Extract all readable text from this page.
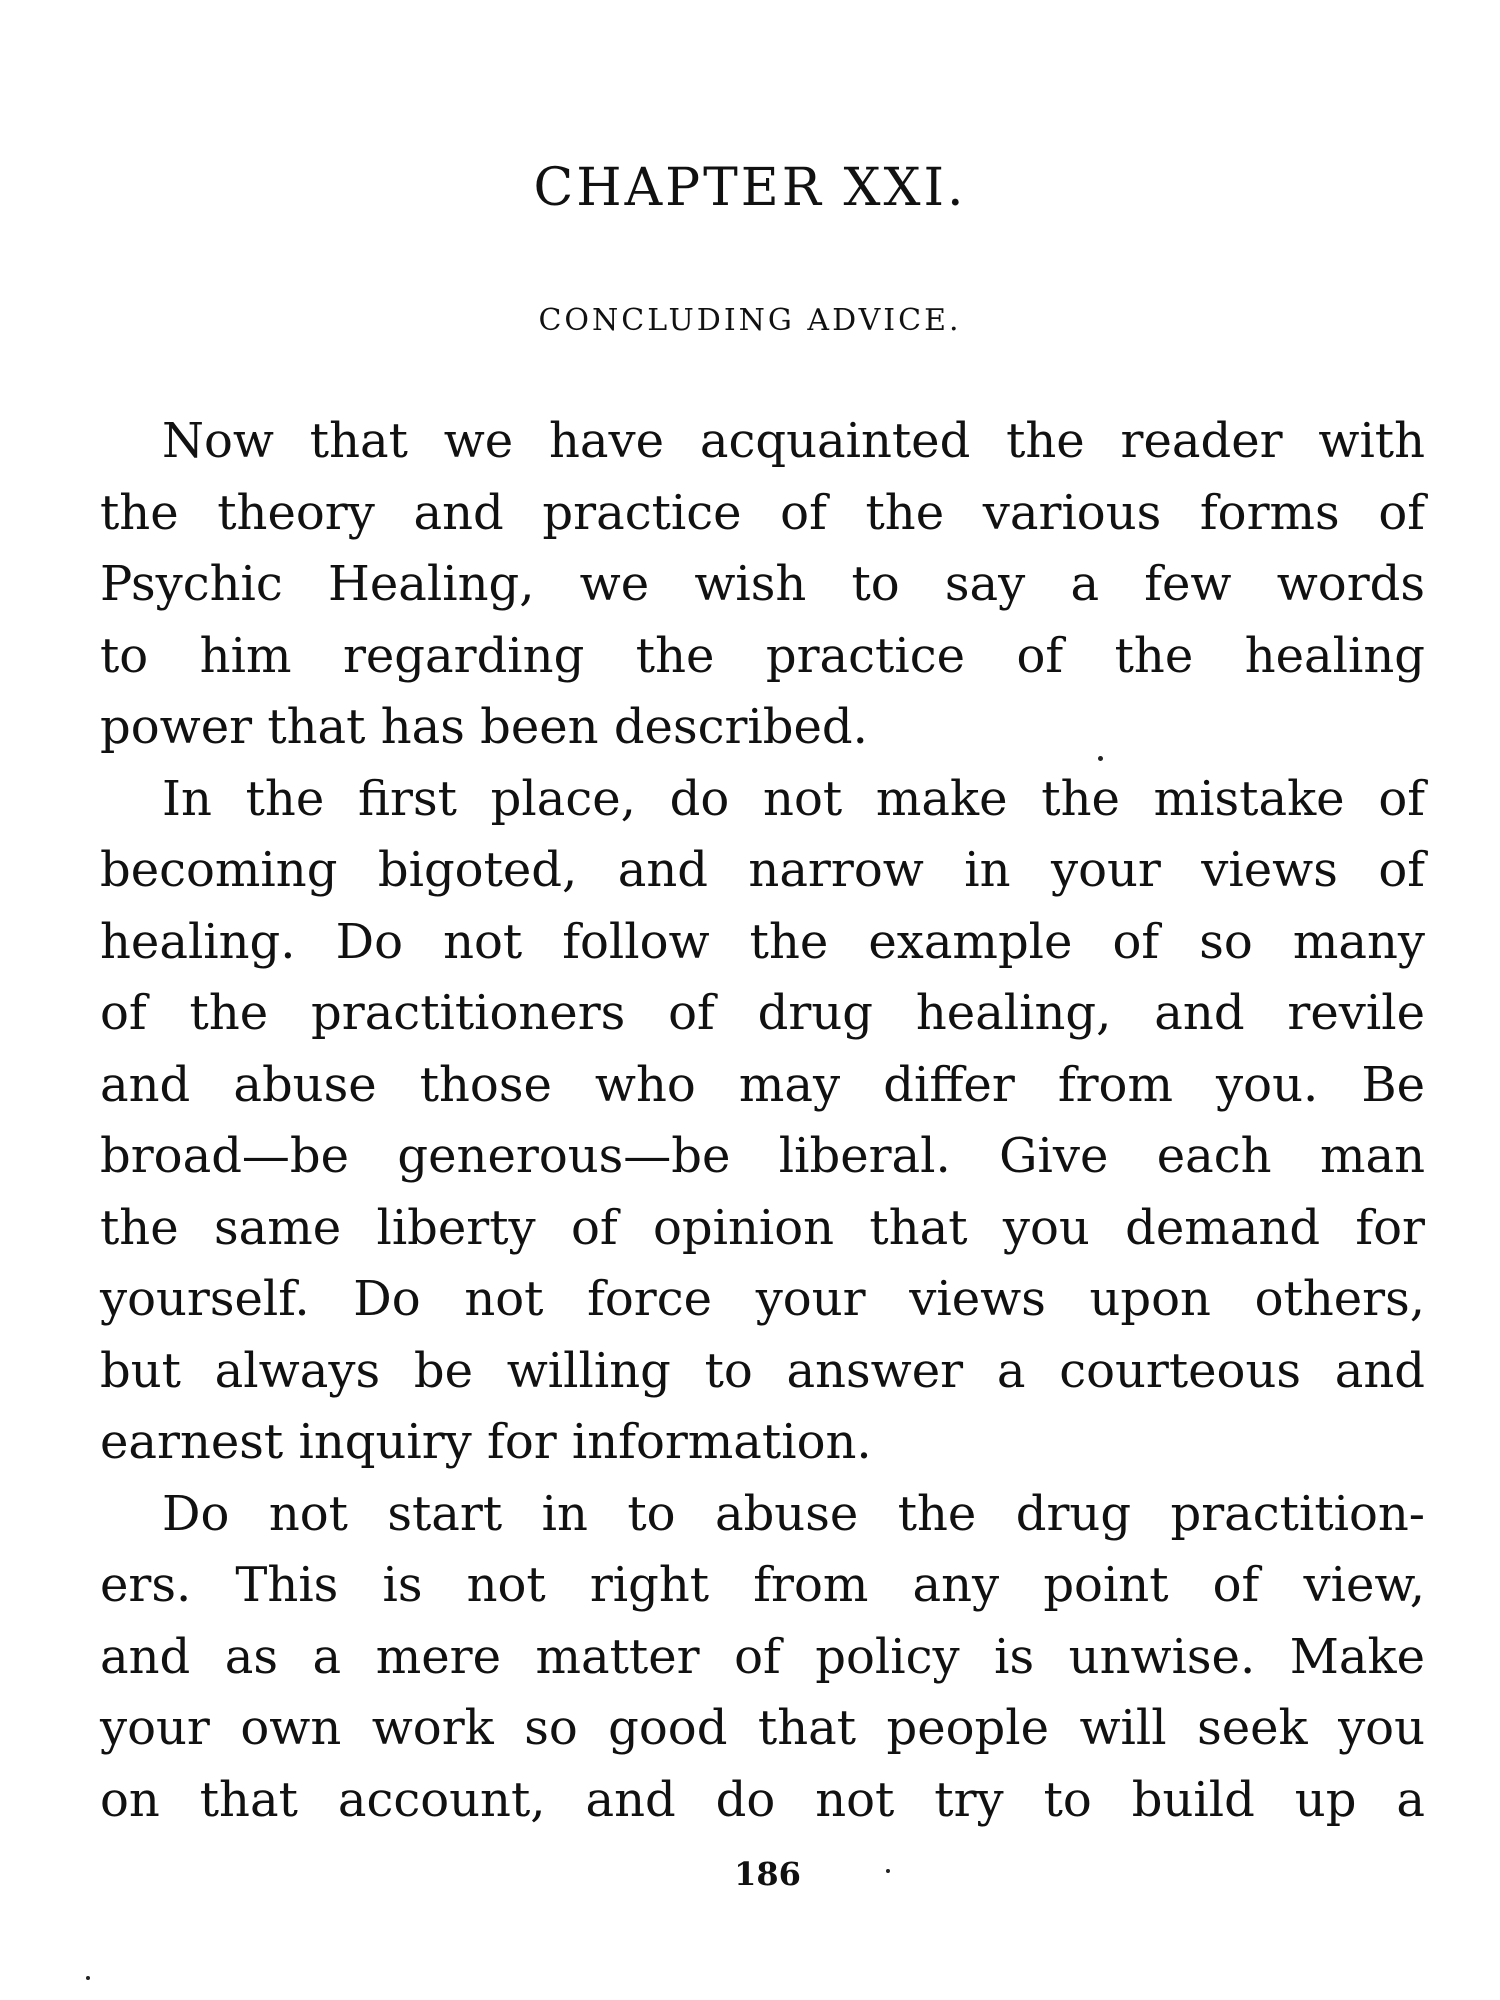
CHAPTER XXI.
CONCLUDING ADVICE.

Now that we have acquainted the reader with
the theory and practice of the various forms of
Psychic Healing, we wish to say a few words
to him regarding the practice of the healing
power that has been described.

In the first place, do not make the mistake of
becoming bigoted, and narrow in your views of
healing. Do not follow the example of so many
of the practitioners of drug healing, and revile
and abuse those who may differ from you. Be
broad—be generous—be liberal. Give each man
the same liberty of opinion that you demand for
yourself. Do not force your views upon others,
but always be willing to answer a courteous and
earnest inquiry for information.

Do not start in to abuse the drug practition-
ers. This is not right from any point of view,
and as a mere matter of policy is unwise. Make
your own work so good that people will seek you
on that account, and do not try to build up a

186
